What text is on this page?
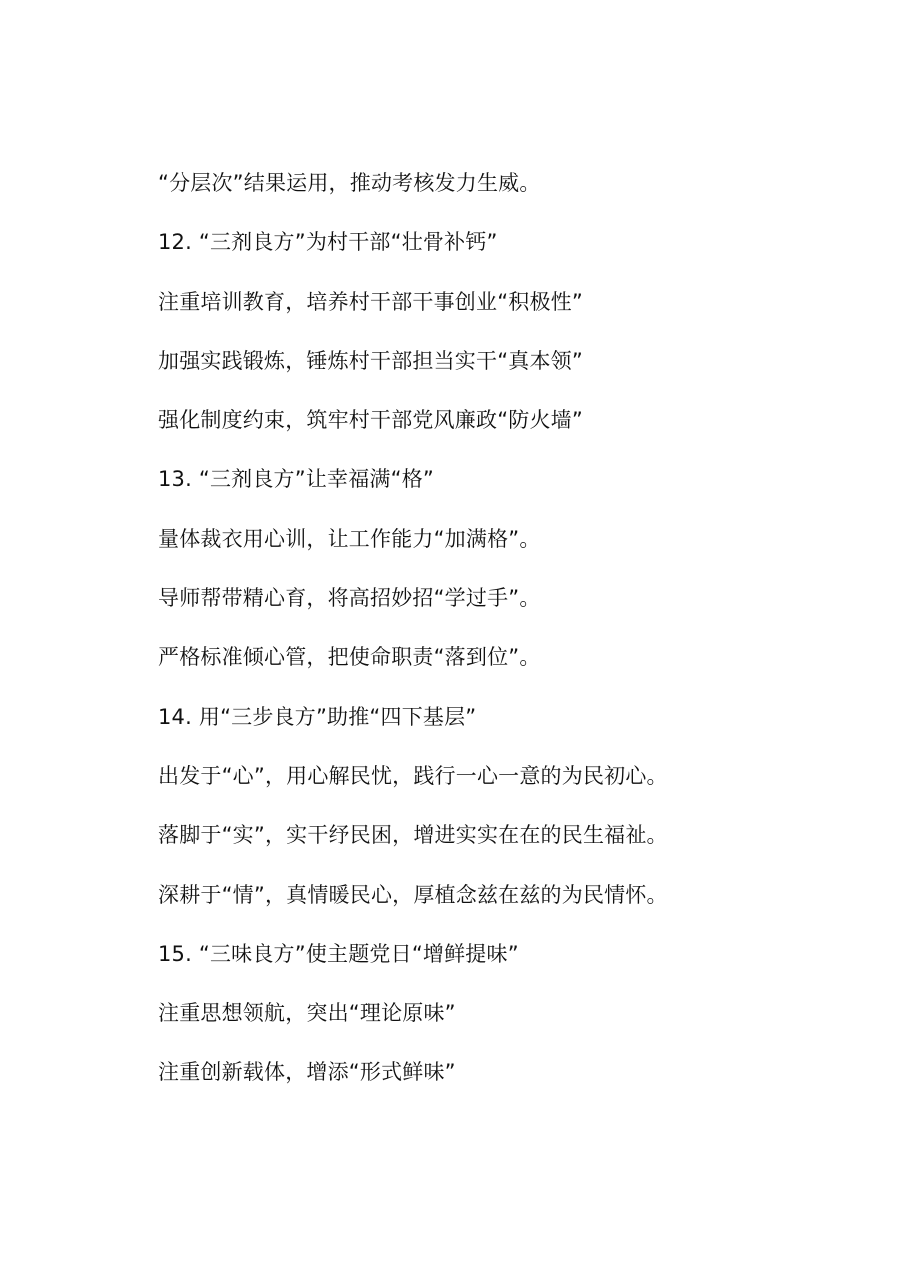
“分层次”结果运用，推动考核发力生威。
12. “三剂良方”为村干部“壮骨补钙”
注重培训教育，培养村干部干事创业“积极性”
加强实践锻炼，锤炼村干部担当实干“真本领”
强化制度约束，筑牢村干部党风廉政“防火墙”
13. “三剂良方”让幸福满“格”
量体裁衣用心训，让工作能力“加满格”。
导师帮带精心育，将高招妙招“学过手”。
严格标准倾心管，把使命职责“落到位”。
14. 用“三步良方”助推“四下基层”
出发于“心”，用心解民忧，践行一心一意的为民初心。
落脚于“实”，实干纾民困，增进实实在在的民生福祉。
深耕于“情”，真情暖民心，厚植念兹在兹的为民情怀。
15. “三味良方”使主题党日“增鲜提味”
注重思想领航，突出“理论原味”
注重创新载体，增添“形式鲜味”
